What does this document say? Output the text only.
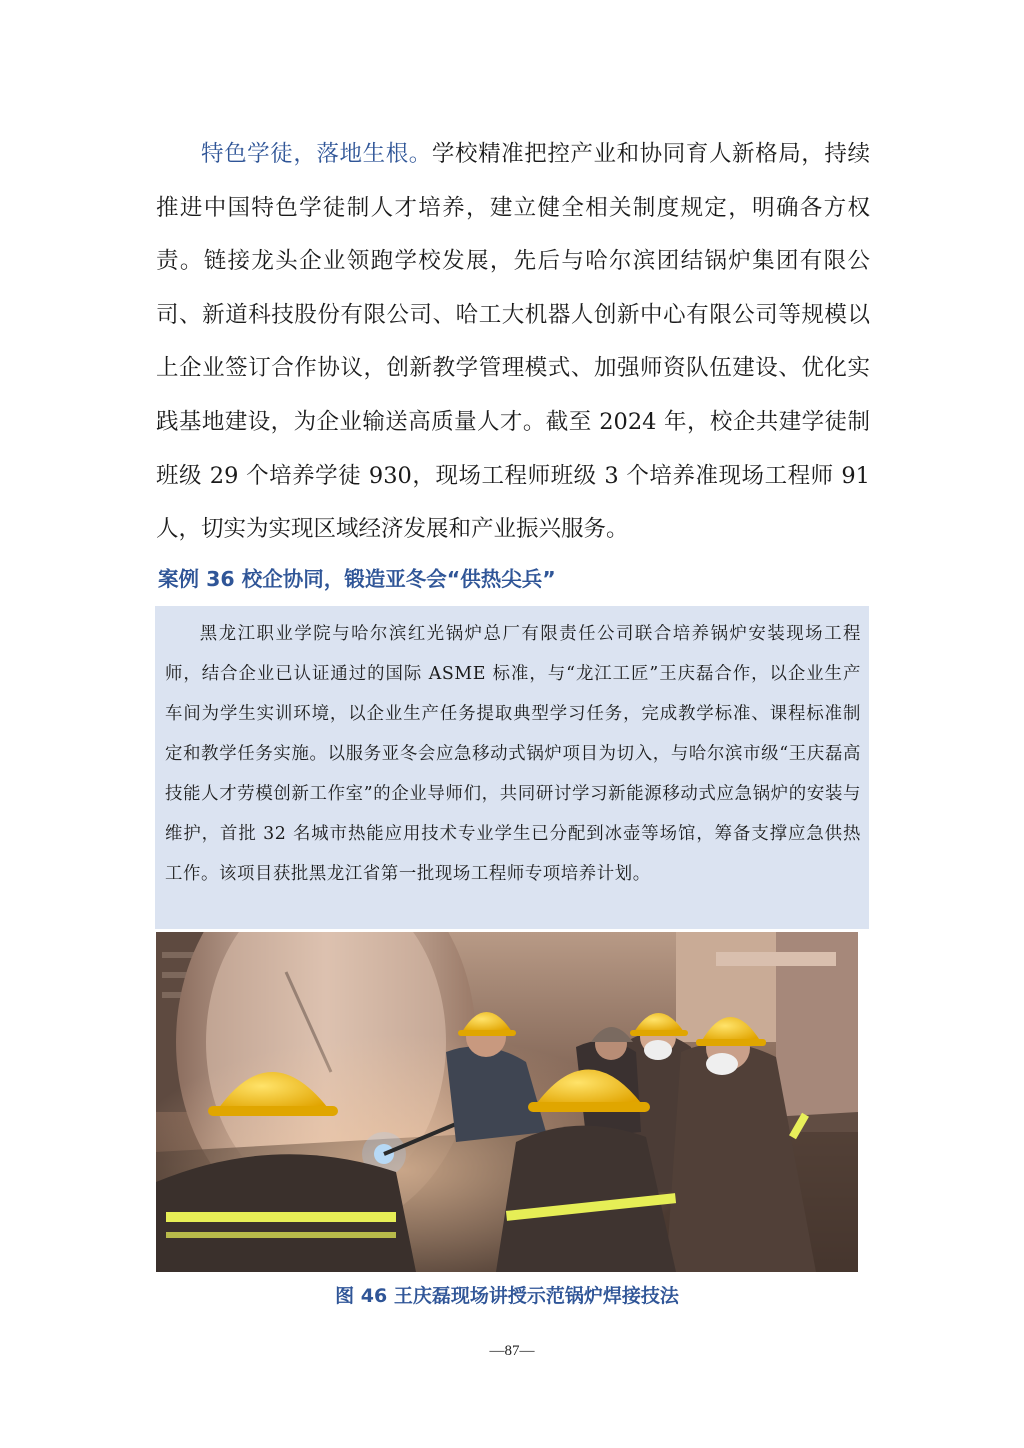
特色学徒，落地生根。学校精准把控产业和协同育人新格局，持续推进中国特色学徒制人才培养，建立健全相关制度规定，明确各方权责。链接龙头企业领跑学校发展，先后与哈尔滨团结锅炉集团有限公司、新道科技股份有限公司、哈工大机器人创新中心有限公司等规模以上企业签订合作协议，创新教学管理模式、加强师资队伍建设、优化实践基地建设，为企业输送高质量人才。截至 2024 年，校企共建学徒制班级 29 个培养学徒 930，现场工程师班级 3 个培养准现场工程师 91 人，切实为实现区域经济发展和产业振兴服务。

案例 36 校企协同，锻造亚冬会“供热尖兵”

黑龙江职业学院与哈尔滨红光锅炉总厂有限责任公司联合培养锅炉安装现场工程师，结合企业已认证通过的国际 ASME 标准，与“龙江工匠”王庆磊合作，以企业生产车间为学生实训环境，以企业生产任务提取典型学习任务，完成教学标准、课程标准制定和教学任务实施。以服务亚冬会应急移动式锅炉项目为切入，与哈尔滨市级“王庆磊高技能人才劳模创新工作室”的企业导师们，共同研讨学习新能源移动式应急锅炉的安装与维护，首批 32 名城市热能应用技术专业学生已分配到冰壶等场馆，筹备支撑应急供热工作。该项目获批黑龙江省第一批现场工程师专项培养计划。

图 46 王庆磊现场讲授示范锅炉焊接技法

—87—
